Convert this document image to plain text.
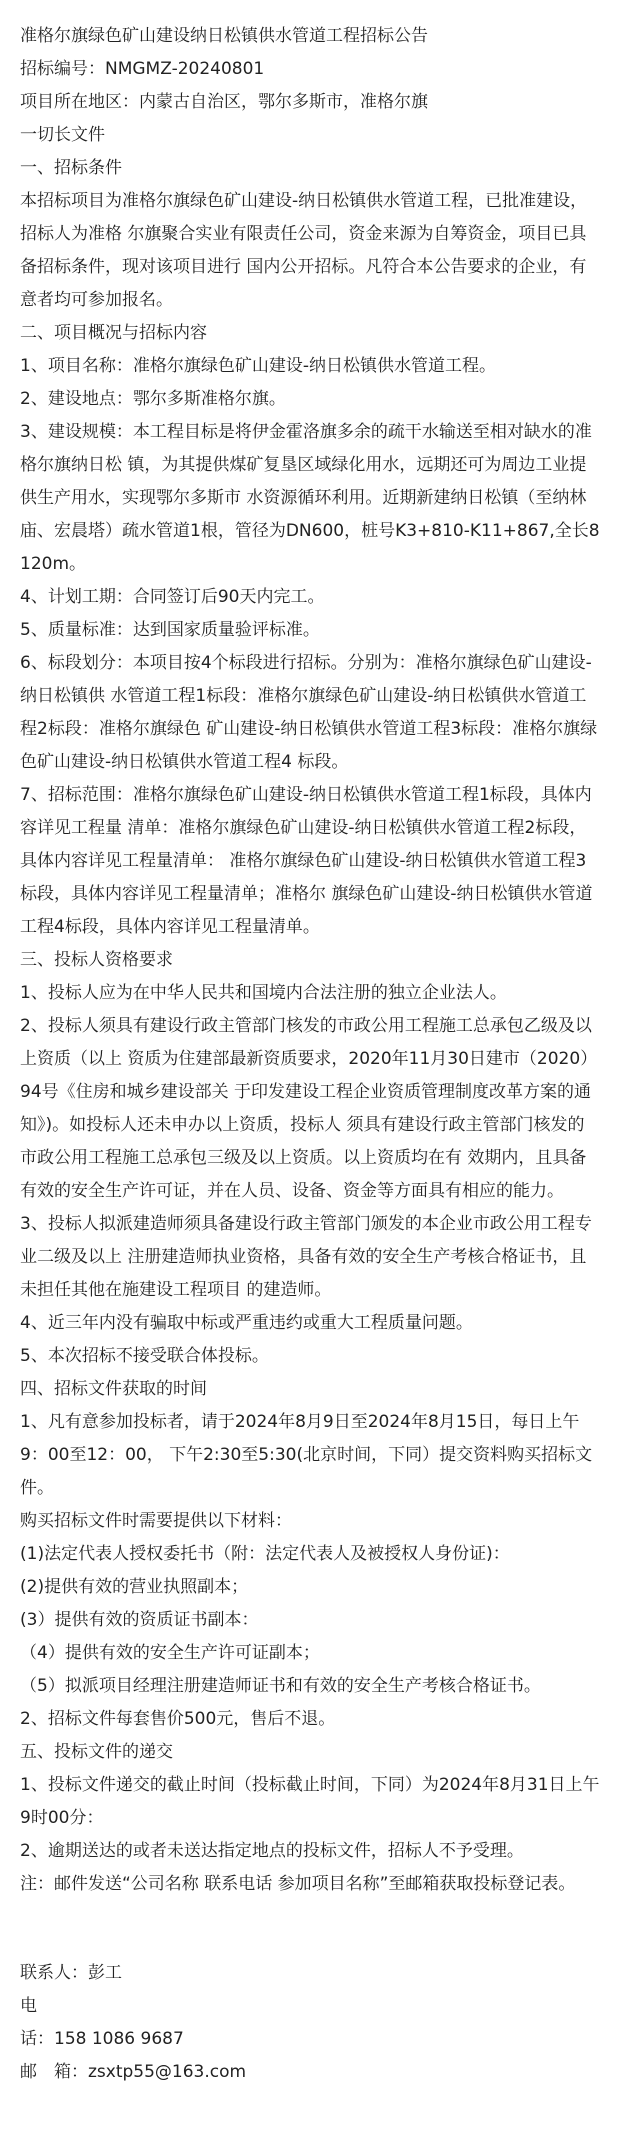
准格尔旗绿色矿山建设纳日松镇供水管道工程招标公告

招标编号：NMGMZ-20240801

项目所在地区：内蒙古自治区，鄂尔多斯市，准格尔旗

一切长文件

一、招标条件

本招标项目为准格尔旗绿色矿山建设-纳日松镇供水管道工程，已批准建设，招标人为准格 尔旗聚合实业有限责任公司，资金来源为自筹资金，项目已具备招标条件，现对该项目进行 国内公开招标。凡符合本公告要求的企业，有意者均可参加报名。

二、项目概况与招标内容

1、项目名称：准格尔旗绿色矿山建设-纳日松镇供水管道工程。

2、建设地点：鄂尔多斯准格尔旗。

3、建设规模：本工程目标是将伊金霍洛旗多余的疏干水输送至相对缺水的准格尔旗纳日松 镇，为其提供煤矿复垦区域绿化用水，远期还可为周边工业提供生产用水，实现鄂尔多斯市 水资源循环利用。近期新建纳日松镇（至纳林庙、宏晨塔）疏水管道1根，管径为DN600，桩号K3+810-K11+867,全长8120m。

4、计划工期：合同签订后90天内完工。

5、质量标准：达到国家质量验评标准。

6、标段划分：本项目按4个标段进行招标。分别为：准格尔旗绿色矿山建设-纳日松镇供 水管道工程1标段：准格尔旗绿色矿山建设-纳日松镇供水管道工程2标段：准格尔旗绿色 矿山建设-纳日松镇供水管道工程3标段：准格尔旗绿色矿山建设-纳日松镇供水管道工程4 标段。

7、招标范围：准格尔旗绿色矿山建设-纳日松镇供水管道工程1标段，具体内容详见工程量 清单：准格尔旗绿色矿山建设-纳日松镇供水管道工程2标段，具体内容详见工程量清单： 准格尔旗绿色矿山建设-纳日松镇供水管道工程3标段，具体内容详见工程量清单；准格尔 旗绿色矿山建设-纳日松镇供水管道工程4标段，具体内容详见工程量清单。

三、投标人资格要求

1、投标人应为在中华人民共和国境内合法注册的独立企业法人。

2、投标人须具有建设行政主管部门核发的市政公用工程施工总承包乙级及以上资质（以上 资质为住建部最新资质要求，2020年11月30日建市（2020）94号《住房和城乡建设部关 于印发建设工程企业资质管理制度改革方案的通知》)。如投标人还未申办以上资质，投标人 须具有建设行政主管部门核发的市政公用工程施工总承包三级及以上资质。以上资质均在有 效期内，且具备有效的安全生产许可证，并在人员、设备、资金等方面具有相应的能力。

3、投标人拟派建造师须具备建设行政主管部门颁发的本企业市政公用工程专业二级及以上 注册建造师执业资格，具备有效的安全生产考核合格证书，且未担任其他在施建设工程项目 的建造师。

4、近三年内没有骗取中标或严重违约或重大工程质量问题。

5、本次招标不接受联合体投标。

四、招标文件获取的时间

1、凡有意参加投标者，请于2024年8月9日至2024年8月15日，每日上午9：00至12：00， 下午2:30至5:30(北京时间，下同）提交资料购买招标文件。

购买招标文件时需要提供以下材料：

(1)法定代表人授权委托书（附：法定代表人及被授权人身份证)：

(2)提供有效的营业执照副本；

(3）提供有效的资质证书副本：

（4）提供有效的安全生产许可证副本；

（5）拟派项目经理注册建造师证书和有效的安全生产考核合格证书。

2、招标文件每套售价500元，售后不退。

五、投标文件的递交

1、投标文件递交的截止时间（投标截止时间，下同）为2024年8月31日上午9时00分：

2、逾期送达的或者未送达指定地点的投标文件，招标人不予受理。

注：邮件发送“公司名称 联系电话 参加项目名称”至邮箱获取投标登记表。

联系人：彭工

电

话：158 1086 9687

邮　箱：zsxtp55@163.com
